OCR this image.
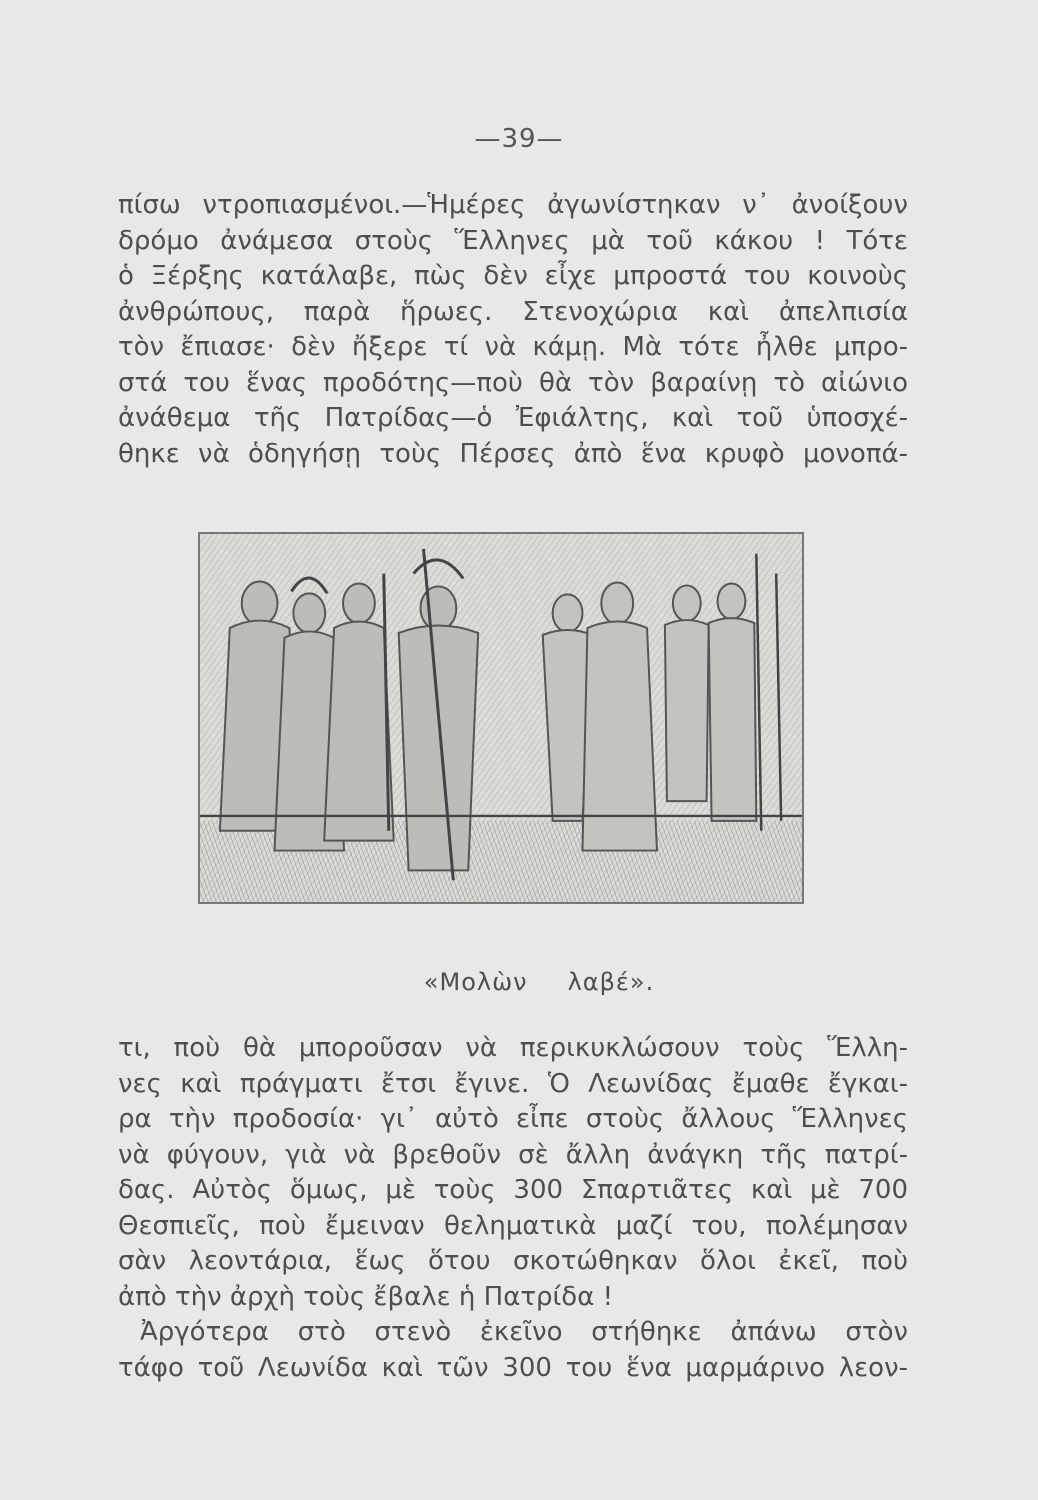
—39—
πίσω ντροπιασμένοι.—Ἡμέρες ἀγωνίστηκαν ν᾽ ἀνοίξουν
δρόμο ἀνάμεσα στοὺς Ἕλληνες μὰ τοῦ κάκου ! Τότε
ὁ Ξέρξης κατάλαβε, πὼς δὲν εἶχε μπροστά του κοινοὺς
ἀνθρώπους, παρὰ ἥρωες. Στενοχώρια καὶ ἀπελπισία
τὸν ἔπιασε· δὲν ἤξερε τί νὰ κάμῃ. Μὰ τότε ἦλθε μπρο-
στά του ἕνας προδότης—ποὺ θὰ τὸν βαραίνῃ τὸ αἰώνιο
ἀνάθεμα τῆς Πατρίδας—ὁ Ἐφιάλτης, καὶ τοῦ ὑποσχέ-
θηκε νὰ ὁδηγήσῃ τοὺς Πέρσες ἀπὸ ἕνα κρυφὸ μονοπά-
«Μολὼν λαβέ».
τι, ποὺ θὰ μποροῦσαν νὰ περικυκλώσουν τοὺς Ἕλλη-
νες καὶ πράγματι ἔτσι ἔγινε. Ὁ Λεωνίδας ἔμαθε ἔγκαι-
ρα τὴν προδοσία· γι᾽ αὐτὸ εἶπε στοὺς ἄλλους Ἕλληνες
νὰ φύγουν, γιὰ νὰ βρεθοῦν σὲ ἄλλη ἀνάγκη τῆς πατρί-
δας. Αὐτὸς ὅμως, μὲ τοὺς 300 Σπαρτιᾶτες καὶ μὲ 700
Θεσπιεῖς, ποὺ ἔμειναν θεληματικὰ μαζί του, πολέμησαν
σὰν λεοντάρια, ἕως ὅτου σκοτώθηκαν ὅλοι ἐκεῖ, ποὺ
ἀπὸ τὴν ἀρχὴ τοὺς ἔβαλε ἡ Πατρίδα !
Ἀργότερα στὸ στενὸ ἐκεῖνο στήθηκε ἀπάνω στὸν
τάφο τοῦ Λεωνίδα καὶ τῶν 300 του ἕνα μαρμάρινο λεον-
